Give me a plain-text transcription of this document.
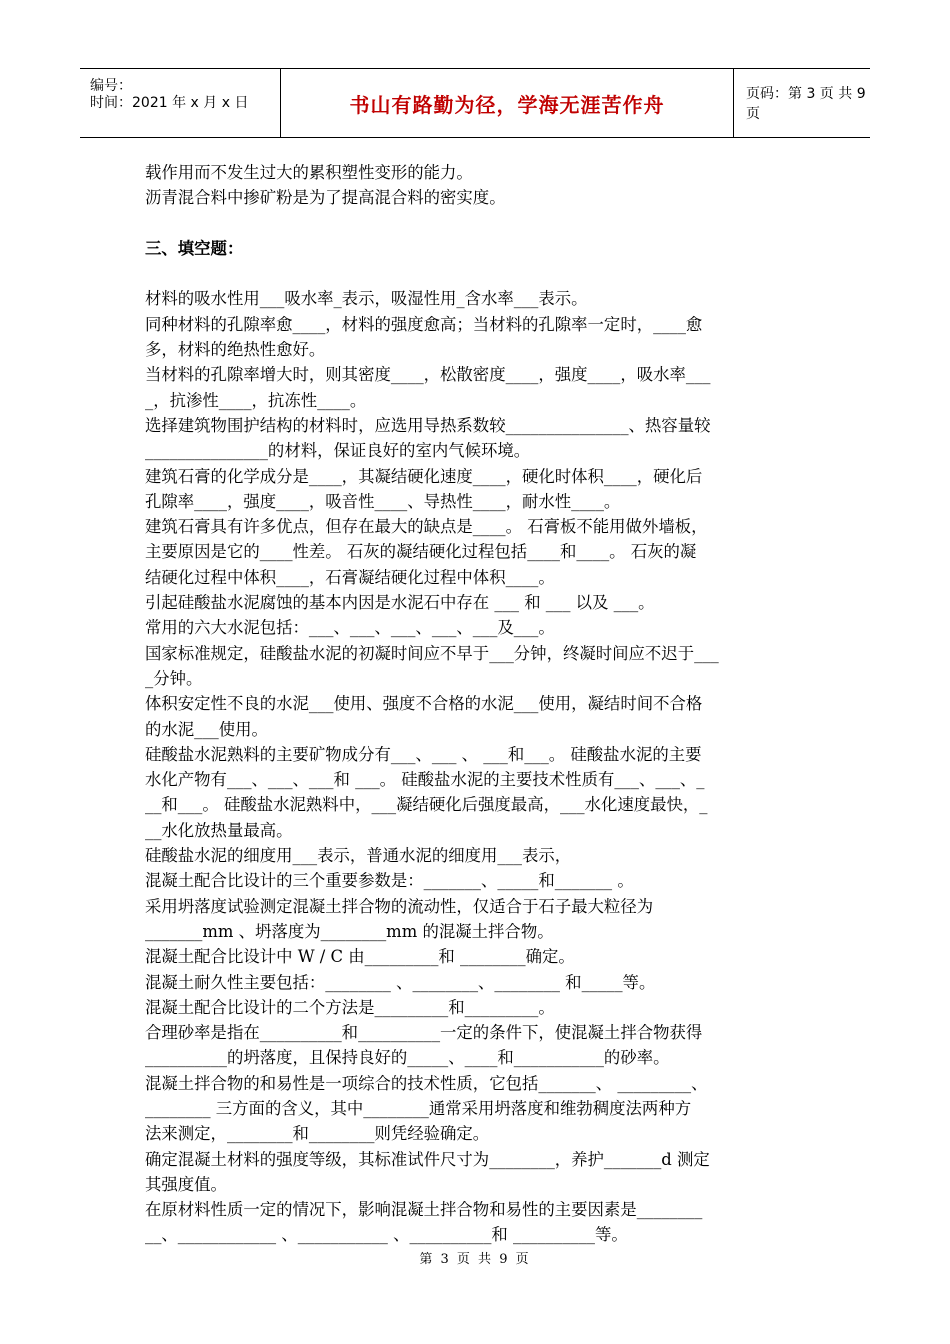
编号：
时间：2021 年 x 月 x 日	书山有路勤为径，学海无涯苦作舟	页码：第 3 页 共 9 页
载作用而不发生过大的累积塑性变形的能力。
沥青混合料中掺矿粉是为了提高混合料的密实度。
三、填空题：
材料的吸水性用___吸水率_表示，吸湿性用_含水率___表示。
同种材料的孔隙率愈____，材料的强度愈高；当材料的孔隙率一定时，____愈
多，材料的绝热性愈好。
当材料的孔隙率增大时，则其密度____，松散密度____，强度____，吸水率___
_，抗渗性____，抗冻性____。
选择建筑物围护结构的材料时，应选用导热系数较_______________、热容量较
_______________的材料，保证良好的室内气候环境。
建筑石膏的化学成分是____，其凝结硬化速度____，硬化时体积____，硬化后
孔隙率____，强度____，吸音性____、导热性____，耐水性____。
建筑石膏具有许多优点，但存在最大的缺点是____。 石膏板不能用做外墙板，
主要原因是它的____性差。 石灰的凝结硬化过程包括____和____。 石灰的凝
结硬化过程中体积____，石膏凝结硬化过程中体积____。
引起硅酸盐水泥腐蚀的基本内因是水泥石中存在 ___ 和 ___ 以及 ___。
常用的六大水泥包括：___、___、___、___、___及___。
国家标准规定，硅酸盐水泥的初凝时间应不早于___分钟，终凝时间应不迟于___
_分钟。
体积安定性不良的水泥___使用、强度不合格的水泥___使用，凝结时间不合格
的水泥___使用。
硅酸盐水泥熟料的主要矿物成分有___、___ 、 ___和___。 硅酸盐水泥的主要
水化产物有___、___、___和 ___。 硅酸盐水泥的主要技术性质有___、___、_
__和___。 硅酸盐水泥熟料中，___凝结硬化后强度最高，___水化速度最快，_
__水化放热量最高。
硅酸盐水泥的细度用___表示，普通水泥的细度用___表示，
混凝土配合比设计的三个重要参数是：_______、_____和_______ 。
采用坍落度试验测定混凝土拌合物的流动性，仅适合于石子最大粒径为
_______mm 、坍落度为________mm 的混凝土拌合物。
混凝土配合比设计中 W / C 由_________和 ________确定。
混凝土耐久性主要包括：________ 、________、________ 和_____等。
混凝土配合比设计的二个方法是_________和_________。
合理砂率是指在__________和__________一定的条件下，使混凝土拌合物获得
__________的坍落度，且保持良好的_____、____和___________的砂率。
混凝土拌合物的和易性是一项综合的技术性质，它包括_______、 _________、
________ 三方面的含义，其中________通常采用坍落度和维勃稠度法两种方
法来测定，________和________则凭经验确定。
确定混凝土材料的强度等级，其标准试件尺寸为________，养护_______d 测定
其强度值。
在原材料性质一定的情况下，影响混凝土拌合物和易性的主要因素是________
__、____________ 、___________ 、__________和 __________等。
第 3 页 共 9 页
